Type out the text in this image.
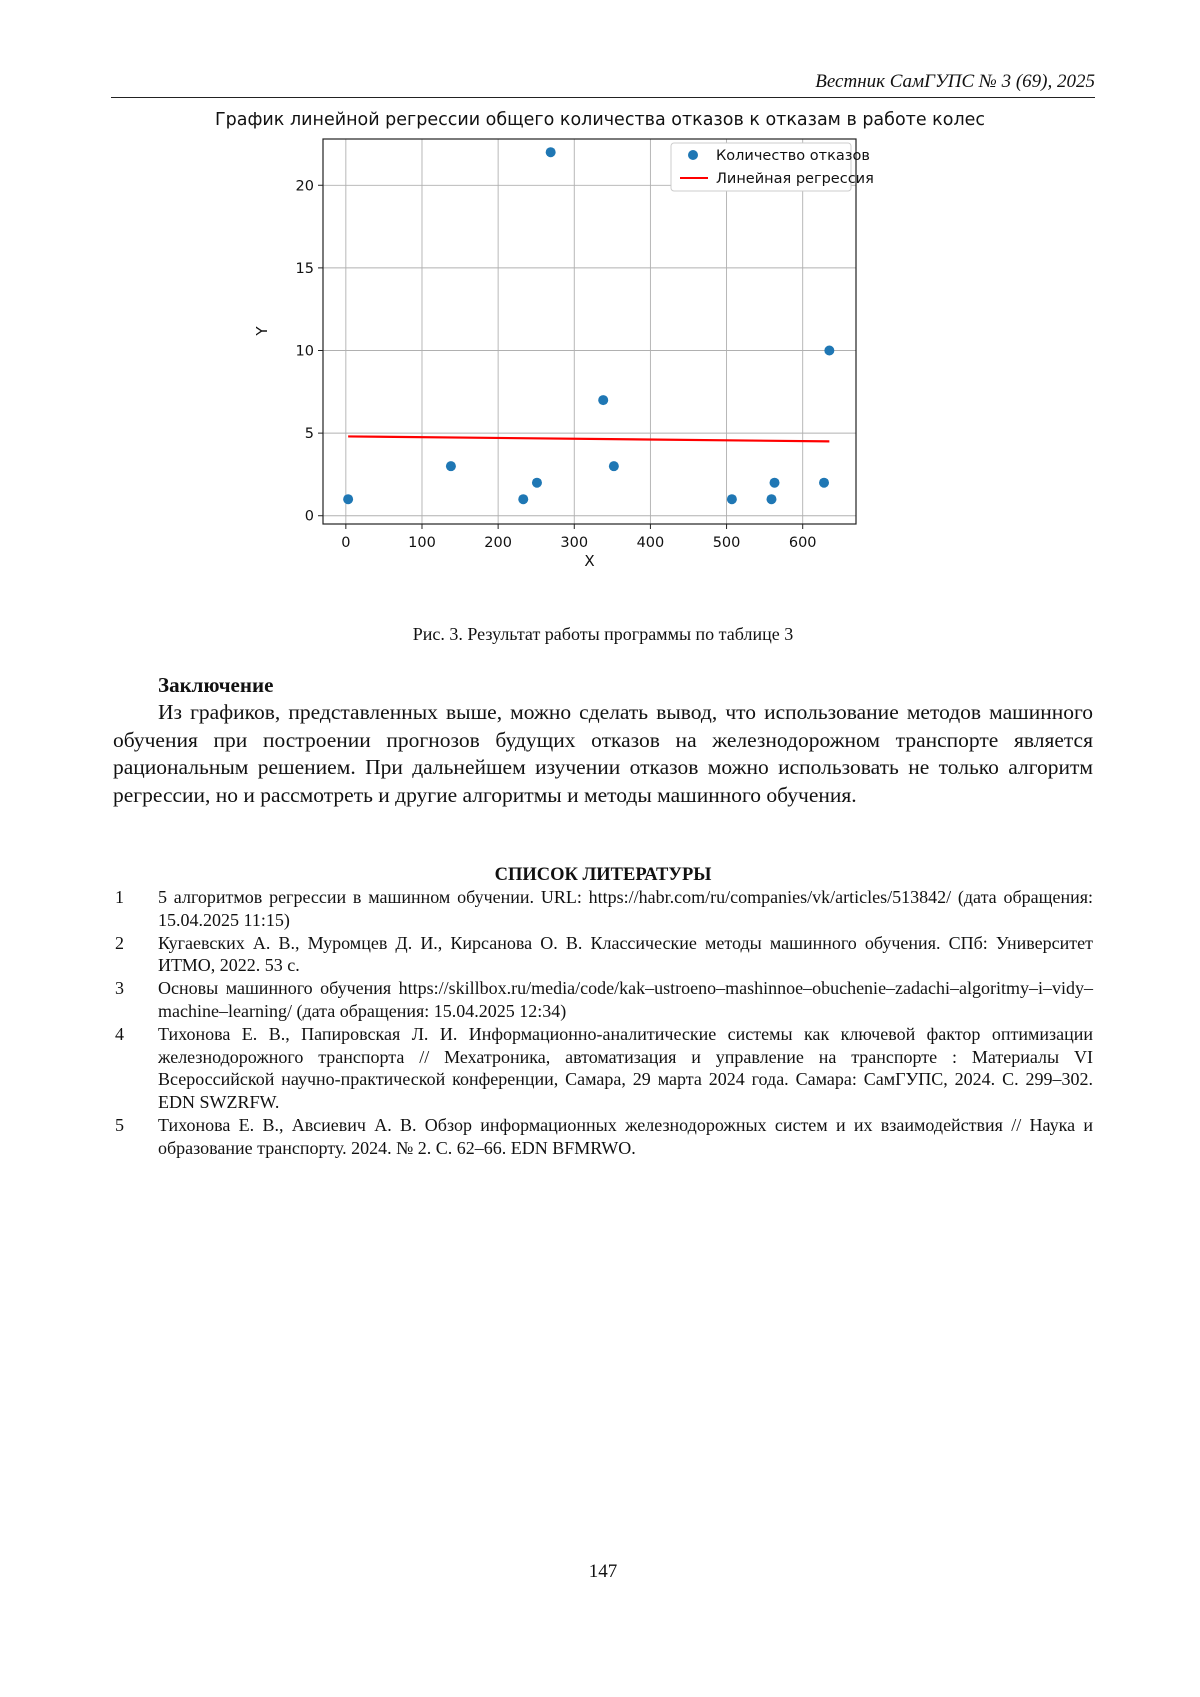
Вестник СамГУПС № 3 (69), 2025
График линейной регрессии общего количества отказов к отказам в работе колес
0	100	200	300	400	500	600
0
5
10
15
20
X
Y
Количество отказов
Линейная регрессия
Рис. 3. Результат работы программы по таблице 3
Заключение

Из графиков, представленных выше, можно сделать вывод, что использование методов машинного обучения при построении прогнозов будущих отказов на железнодорожном транспорте является рациональным решением. При дальнейшем изучении отказов можно использовать не только алгоритм регрессии, но и рассмотреть и другие алгоритмы и методы машинного обучения.

СПИСОК ЛИТЕРАТУРЫ
1 5 алгоритмов регрессии в машинном обучении. URL: https://habr.com/ru/companies/vk/articles/513842/ (дата обращения: 15.04.2025 11:15)
2 Кугаевских А. В., Муромцев Д. И., Кирсанова О. В. Классические методы машинного обучения. СПб: Университет ИТМО, 2022. 53 с.
3 Основы машинного обучения https://skillbox.ru/media/code/kak–ustroeno–mashinnoe–obuchenie–zadachi–algoritmy–i–vidy–machine–learning/ (дата обращения: 15.04.2025 12:34)
4 Тихонова Е. В., Папировская Л. И. Информационно-аналитические системы как ключевой фактор оптимизации железнодорожного транспорта // Мехатроника, автоматизация и управление на транспорте : Материалы VI Всероссийской научно-практической конференции, Самара, 29 марта 2024 года. Самара: СамГУПС, 2024. С. 299–302. EDN SWZRFW.
5 Тихонова Е. В., Авсиевич А. В. Обзор информационных железнодорожных систем и их взаимодействия // Наука и образование транспорту. 2024. № 2. С. 62–66. EDN BFMRWO.
147
